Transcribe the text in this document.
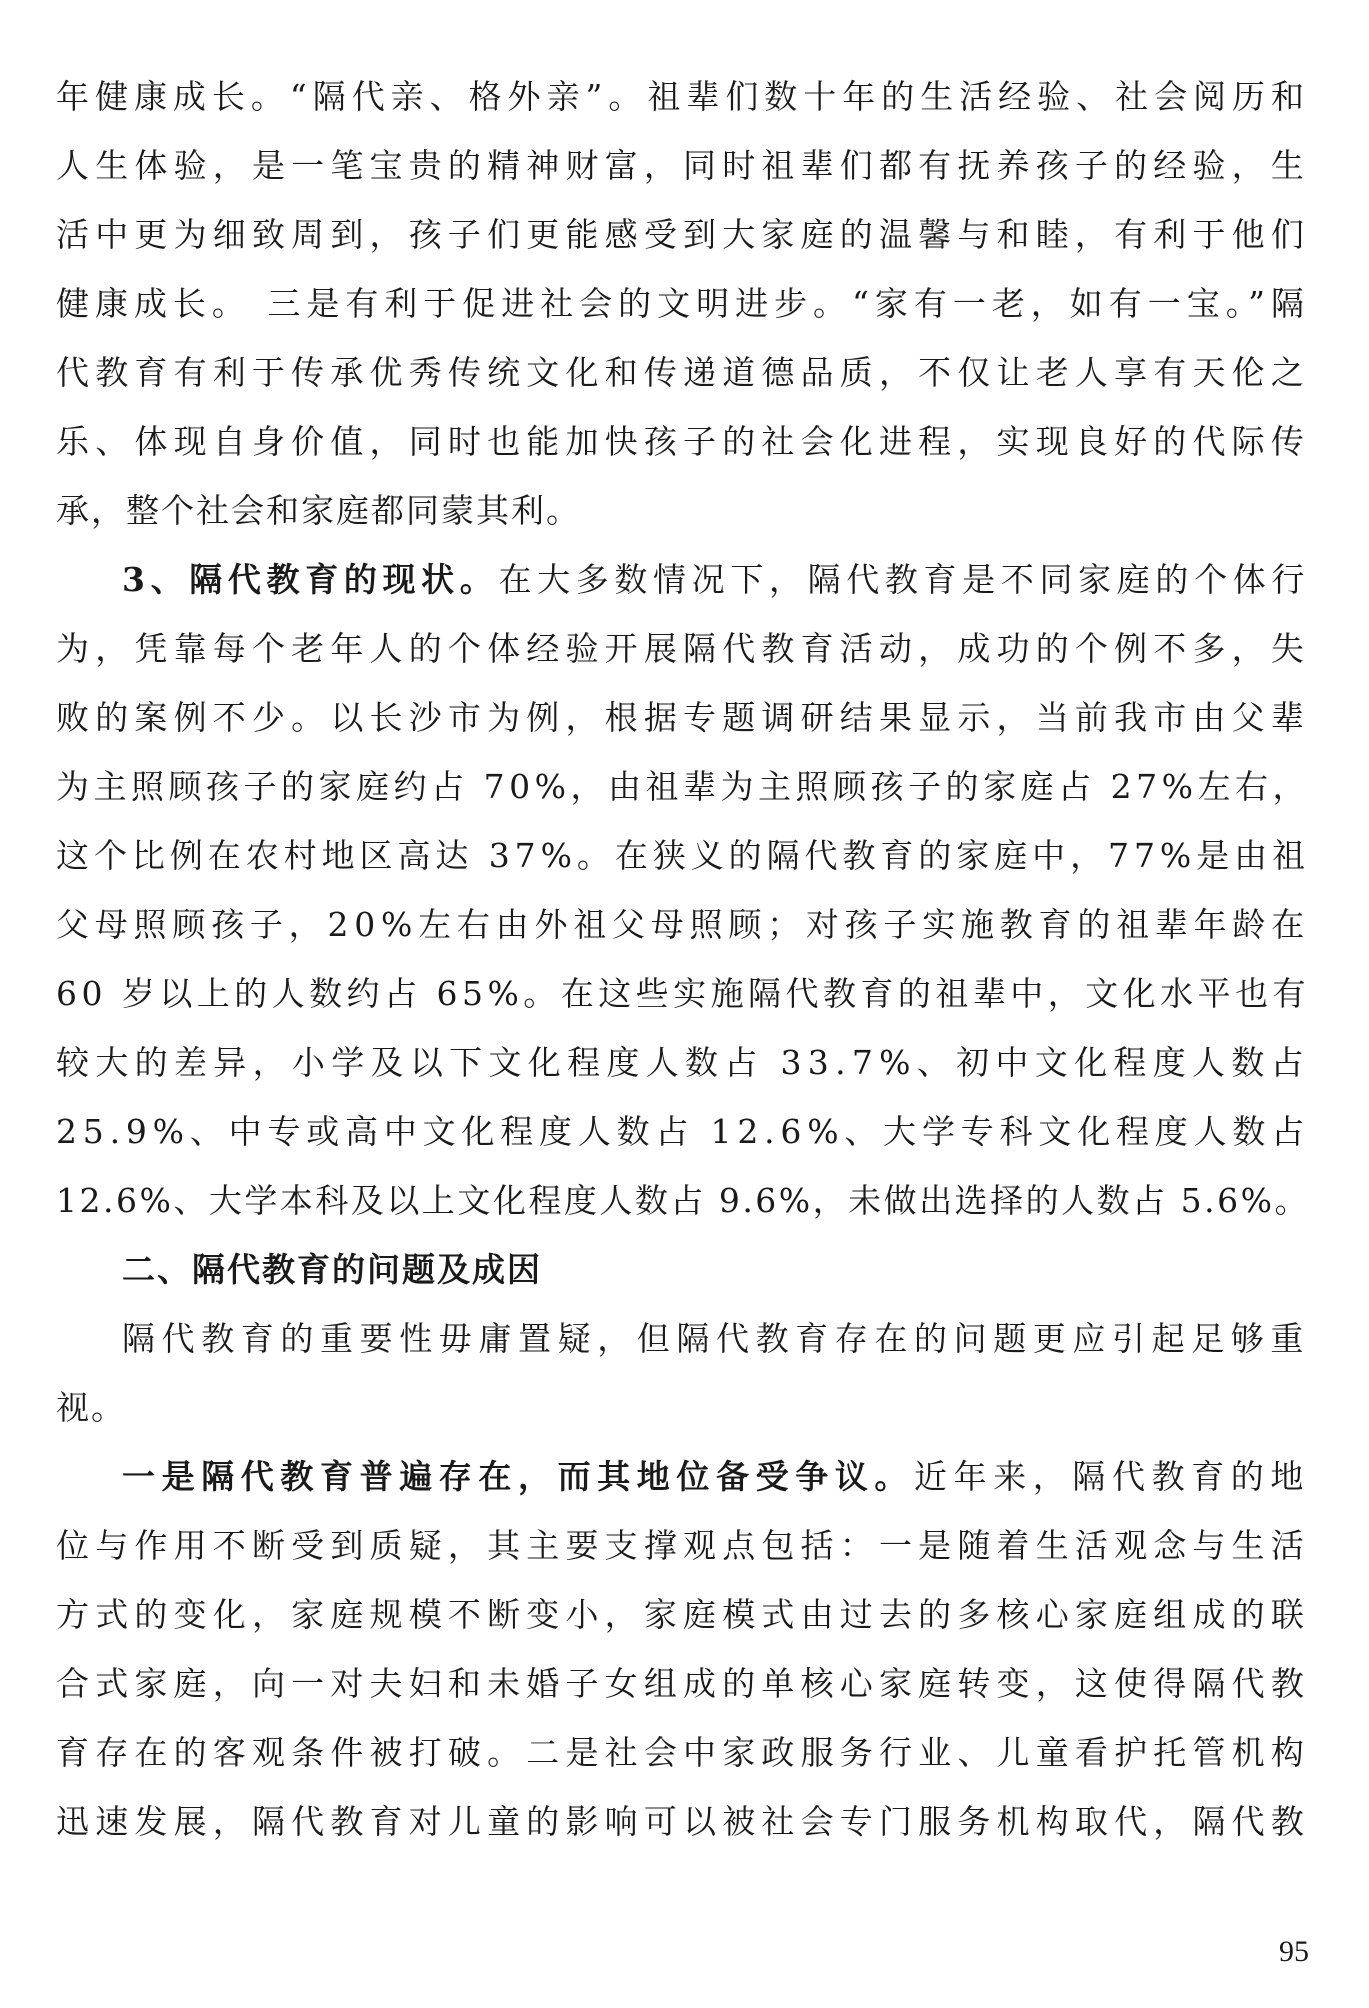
年健康成长。“隔代亲、格外亲”。祖辈们数十年的生活经验、社会阅历和
人生体验，是一笔宝贵的精神财富，同时祖辈们都有抚养孩子的经验，生
活中更为细致周到，孩子们更能感受到大家庭的温馨与和睦，有利于他们
健康成长。 三是有利于促进社会的文明进步。“家有一老，如有一宝。”隔
代教育有利于传承优秀传统文化和传递道德品质，不仅让老人享有天伦之
乐、体现自身价值，同时也能加快孩子的社会化进程，实现良好的代际传
承，整个社会和家庭都同蒙其利。
3、隔代教育的现状。在大多数情况下，隔代教育是不同家庭的个体行
为，凭靠每个老年人的个体经验开展隔代教育活动，成功的个例不多，失
败的案例不少。以长沙市为例，根据专题调研结果显示，当前我市由父辈
为主照顾孩子的家庭约占 70%，由祖辈为主照顾孩子的家庭占 27%左右，
这个比例在农村地区高达 37%。在狭义的隔代教育的家庭中，77%是由祖
父母照顾孩子，20%左右由外祖父母照顾；对孩子实施教育的祖辈年龄在
60 岁以上的人数约占 65%。在这些实施隔代教育的祖辈中，文化水平也有
较大的差异，小学及以下文化程度人数占 33.7%、初中文化程度人数占
25.9%、中专或高中文化程度人数占 12.6%、大学专科文化程度人数占
12.6%、大学本科及以上文化程度人数占 9.6%，未做出选择的人数占 5.6%。
二、隔代教育的问题及成因
隔代教育的重要性毋庸置疑，但隔代教育存在的问题更应引起足够重
视。
一是隔代教育普遍存在，而其地位备受争议。近年来，隔代教育的地
位与作用不断受到质疑，其主要支撑观点包括：一是随着生活观念与生活
方式的变化，家庭规模不断变小，家庭模式由过去的多核心家庭组成的联
合式家庭，向一对夫妇和未婚子女组成的单核心家庭转变，这使得隔代教
育存在的客观条件被打破。二是社会中家政服务行业、儿童看护托管机构
迅速发展，隔代教育对儿童的影响可以被社会专门服务机构取代，隔代教
95
